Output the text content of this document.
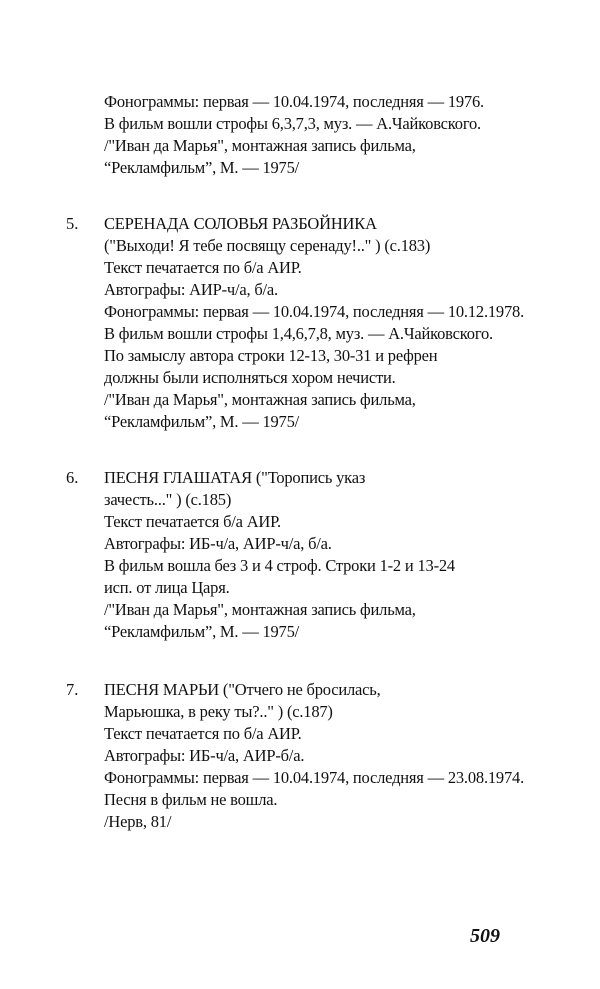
Фонограммы: первая — 10.04.1974, последняя — 1976.
В фильм вошли строфы 6,3,7,3, муз. — А.Чайковского.
/"Иван да Марья", монтажная запись фильма,
“Рекламфильм”, М. — 1975/
5. СЕРЕНАДА СОЛОВЬЯ РАЗБОЙНИКА
("Выходи! Я тебе посвящу серенаду!.." ) (с.183)
Текст печатается по б/а АИР.
Автографы: АИР-ч/а, б/а.
Фонограммы: первая — 10.04.1974, последняя — 10.12.1978.
В фильм вошли строфы 1,4,6,7,8, муз. — А.Чайковского.
По замыслу автора строки 12-13, 30-31 и рефрен
должны были исполняться хором нечисти.
/"Иван да Марья", монтажная запись фильма,
“Рекламфильм”, М. — 1975/
6. ПЕСНЯ ГЛАШАТАЯ ("Торопись указ
зачесть..." ) (с.185)
Текст печатается б/а АИР.
Автографы: ИБ-ч/а, АИР-ч/а, б/а.
В фильм вошла без 3 и 4 строф. Строки 1-2 и 13-24
исп. от лица Царя.
/"Иван да Марья", монтажная запись фильма,
“Рекламфильм”, М. — 1975/
7. ПЕСНЯ МАРЬИ ("Отчего не бросилась,
Марьюшка, в реку ты?.." ) (с.187)
Текст печатается по б/а АИР.
Автографы: ИБ-ч/а, АИР-б/а.
Фонограммы: первая — 10.04.1974, последняя — 23.08.1974.
Песня в фильм не вошла.
/Нерв, 81/
509
